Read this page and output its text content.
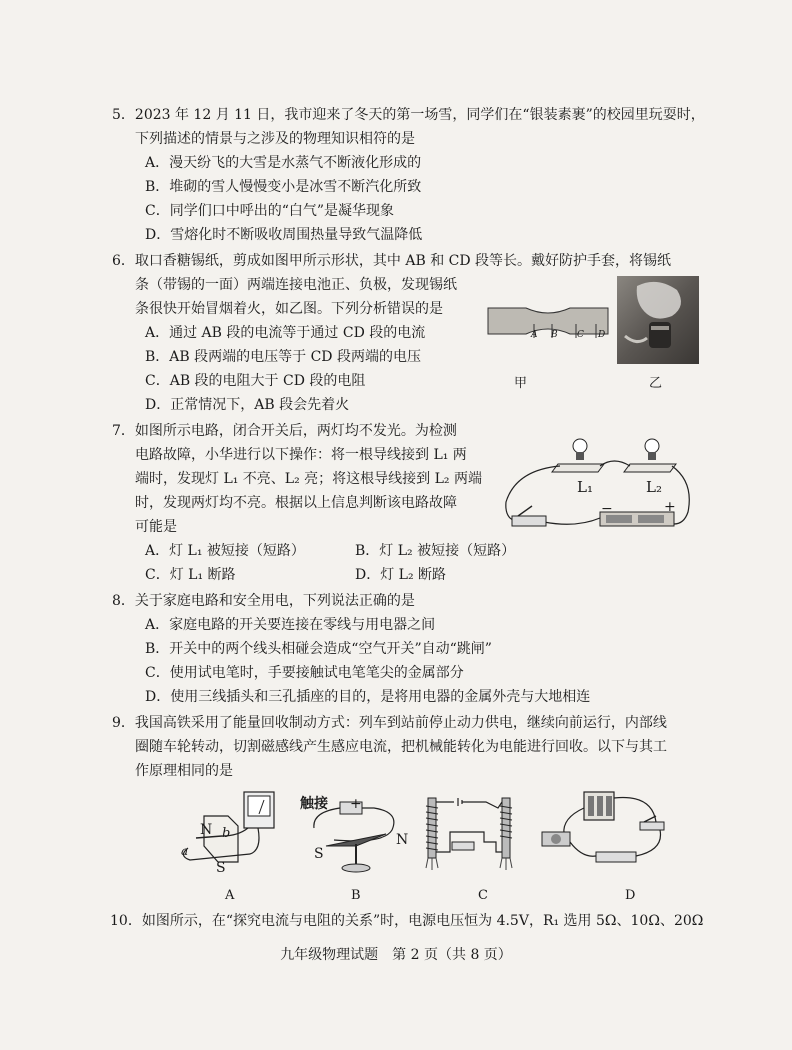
5．2023 年 12 月 11 日，我市迎来了冬天的第一场雪，同学们在“银装素裹”的校园里玩耍时，
下列描述的情景与之涉及的物理知识相符的是
A．漫天纷飞的大雪是水蒸气不断液化形成的
B．堆砌的雪人慢慢变小是冰雪不断汽化所致
C．同学们口中呼出的“白气”是凝华现象
D．雪熔化时不断吸收周围热量导致气温降低
6．取口香糖锡纸，剪成如图甲所示形状，其中 AB 和 CD 段等长。戴好防护手套，将锡纸
条（带锡的一面）两端连接电池正、负极，发现锡纸
条很快开始冒烟着火，如乙图。下列分析错误的是
A．通过 AB 段的电流等于通过 CD 段的电流
B．AB 段两端的电压等于 CD 段两端的电压
C．AB 段的电阻大于 CD 段的电阻
D．正常情况下，AB 段会先着火
A B C D
甲	乙
7．如图所示电路，闭合开关后，两灯均不发光。为检测
电路故障，小华进行以下操作：将一根导线接到 L₁ 两
端时，发现灯 L₁ 不亮、L₂ 亮；将这根导线接到 L₂ 两端
时，发现两灯均不亮。根据以上信息判断该电路故障
可能是
A．灯 L₁ 被短接（短路）	B．灯 L₂ 被短接（短路）
C．灯 L₁ 断路	D．灯 L₂ 断路
L₁	L₂
−	+
8．关于家庭电路和安全用电，下列说法正确的是
A．家庭电路的开关要连接在零线与用电器之间
B．开关中的两个线头相碰会造成“空气开关”自动“跳闸”
C．使用试电笔时，手要接触试电笔笔尖的金属部分
D．使用三线插头和三孔插座的目的，是将用电器的金属外壳与大地相连
9．我国高铁采用了能量回收制动方式：列车到站前停止动力供电，继续向前运行，内部线
圈随车轮转动，切割磁感线产生感应电流，把机械能转化为电能进行回收。以下与其工
作原理相同的是
N b
a
S
A
触接 +
N
S
B	C	D
10．如图所示，在“探究电流与电阻的关系”时，电源电压恒为 4.5V，R₁ 选用 5Ω、10Ω、20Ω
九年级物理试题　第 2 页（共 8 页）
